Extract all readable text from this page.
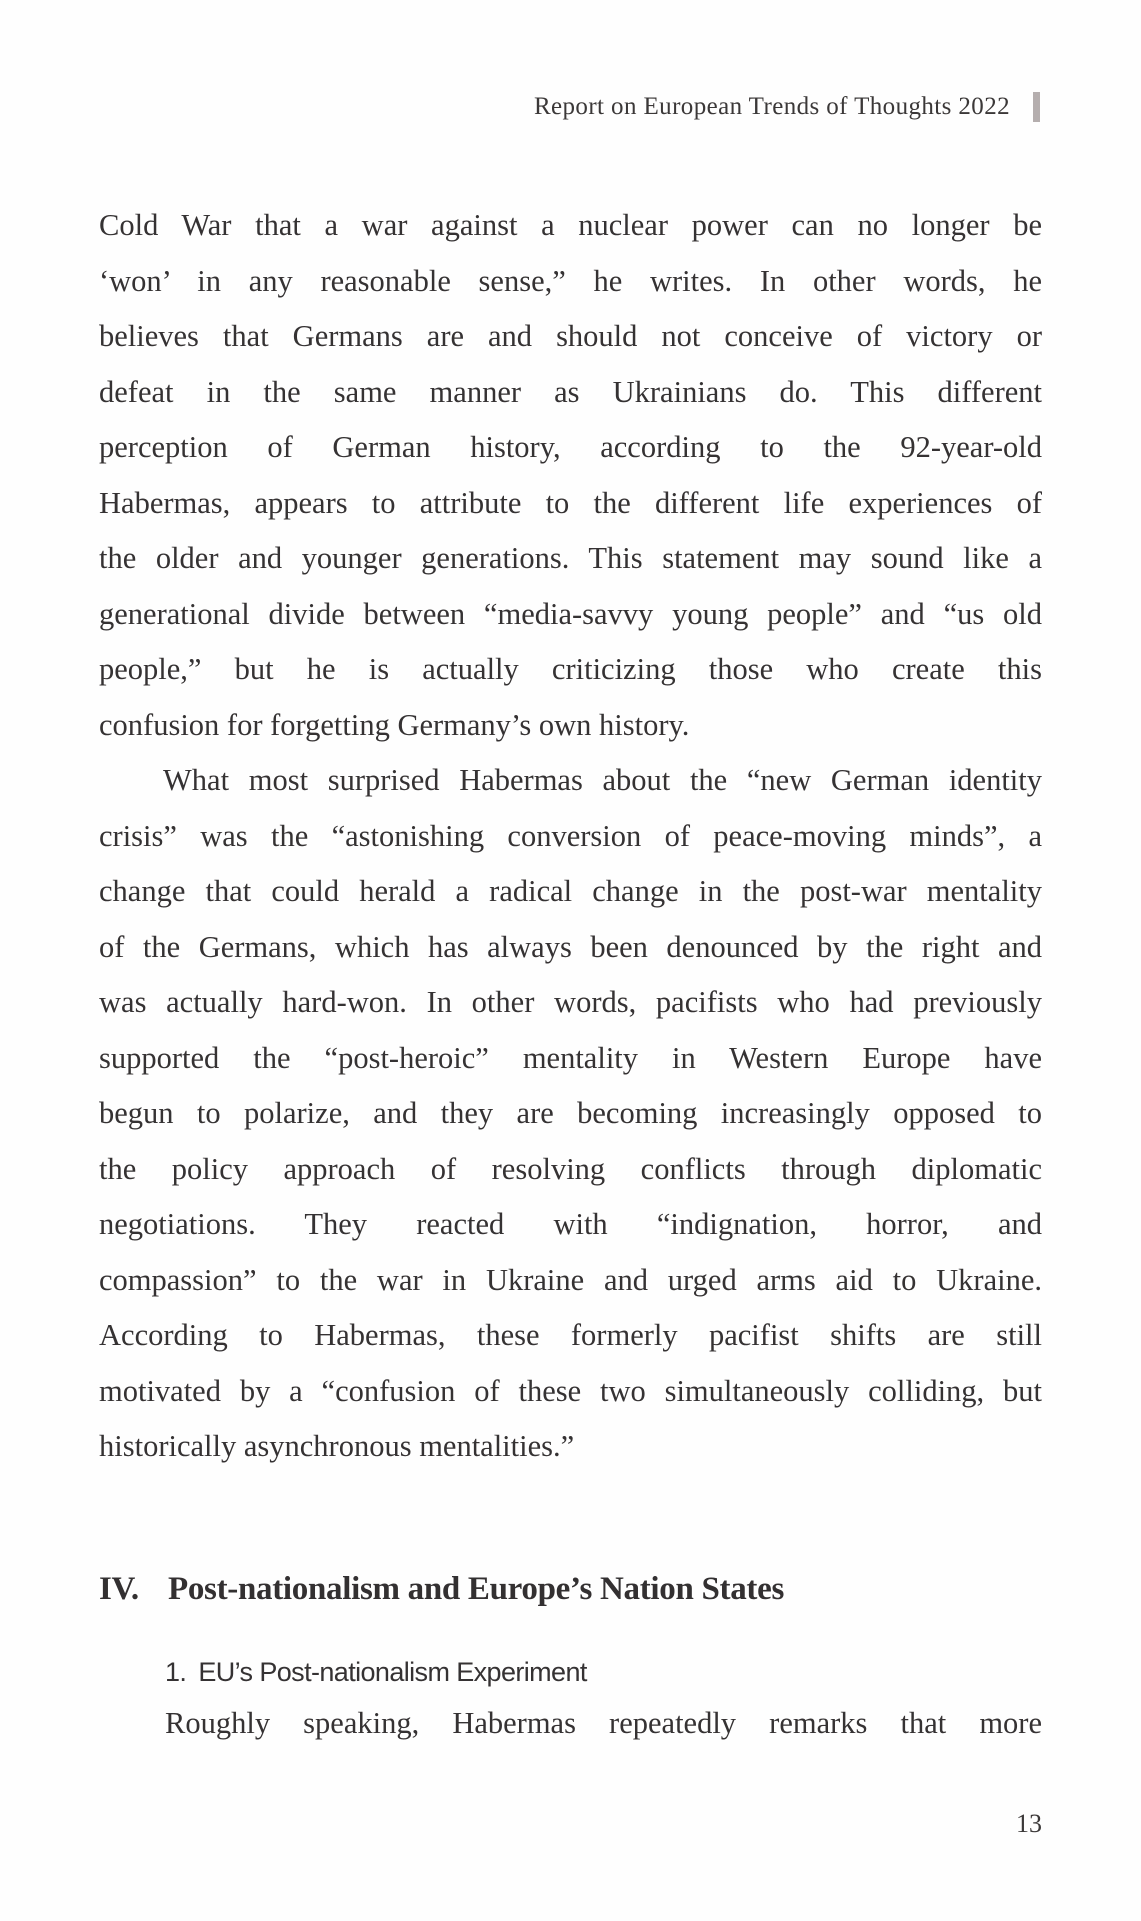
Report on European Trends of Thoughts 2022
Cold War that a war against a nuclear power can no longer be
‘won’ in any reasonable sense,” he writes. In other words, he
believes that Germans are and should not conceive of victory or
defeat in the same manner as Ukrainians do. This different
perception of German history, according to the 92-year-old
Habermas, appears to attribute to the different life experiences of
the older and younger generations. This statement may sound like a
generational divide between “media-savvy young people” and “us old
people,” but he is actually criticizing those who create this
confusion for forgetting Germany’s own history.
What most surprised Habermas about the “new German identity
crisis” was the “astonishing conversion of peace-moving minds”, a
change that could herald a radical change in the post-war mentality
of the Germans, which has always been denounced by the right and
was actually hard-won. In other words, pacifists who had previously
supported the “post-heroic” mentality in Western Europe have
begun to polarize, and they are becoming increasingly opposed to
the policy approach of resolving conflicts through diplomatic
negotiations. They reacted with “indignation, horror, and
compassion” to the war in Ukraine and urged arms aid to Ukraine.
According to Habermas, these formerly pacifist shifts are still
motivated by a “confusion of these two simultaneously colliding, but
historically asynchronous mentalities.”
IV. Post-nationalism and Europe’s Nation States
1. EU’s Post-nationalism Experiment
Roughly speaking, Habermas repeatedly remarks that more
13
